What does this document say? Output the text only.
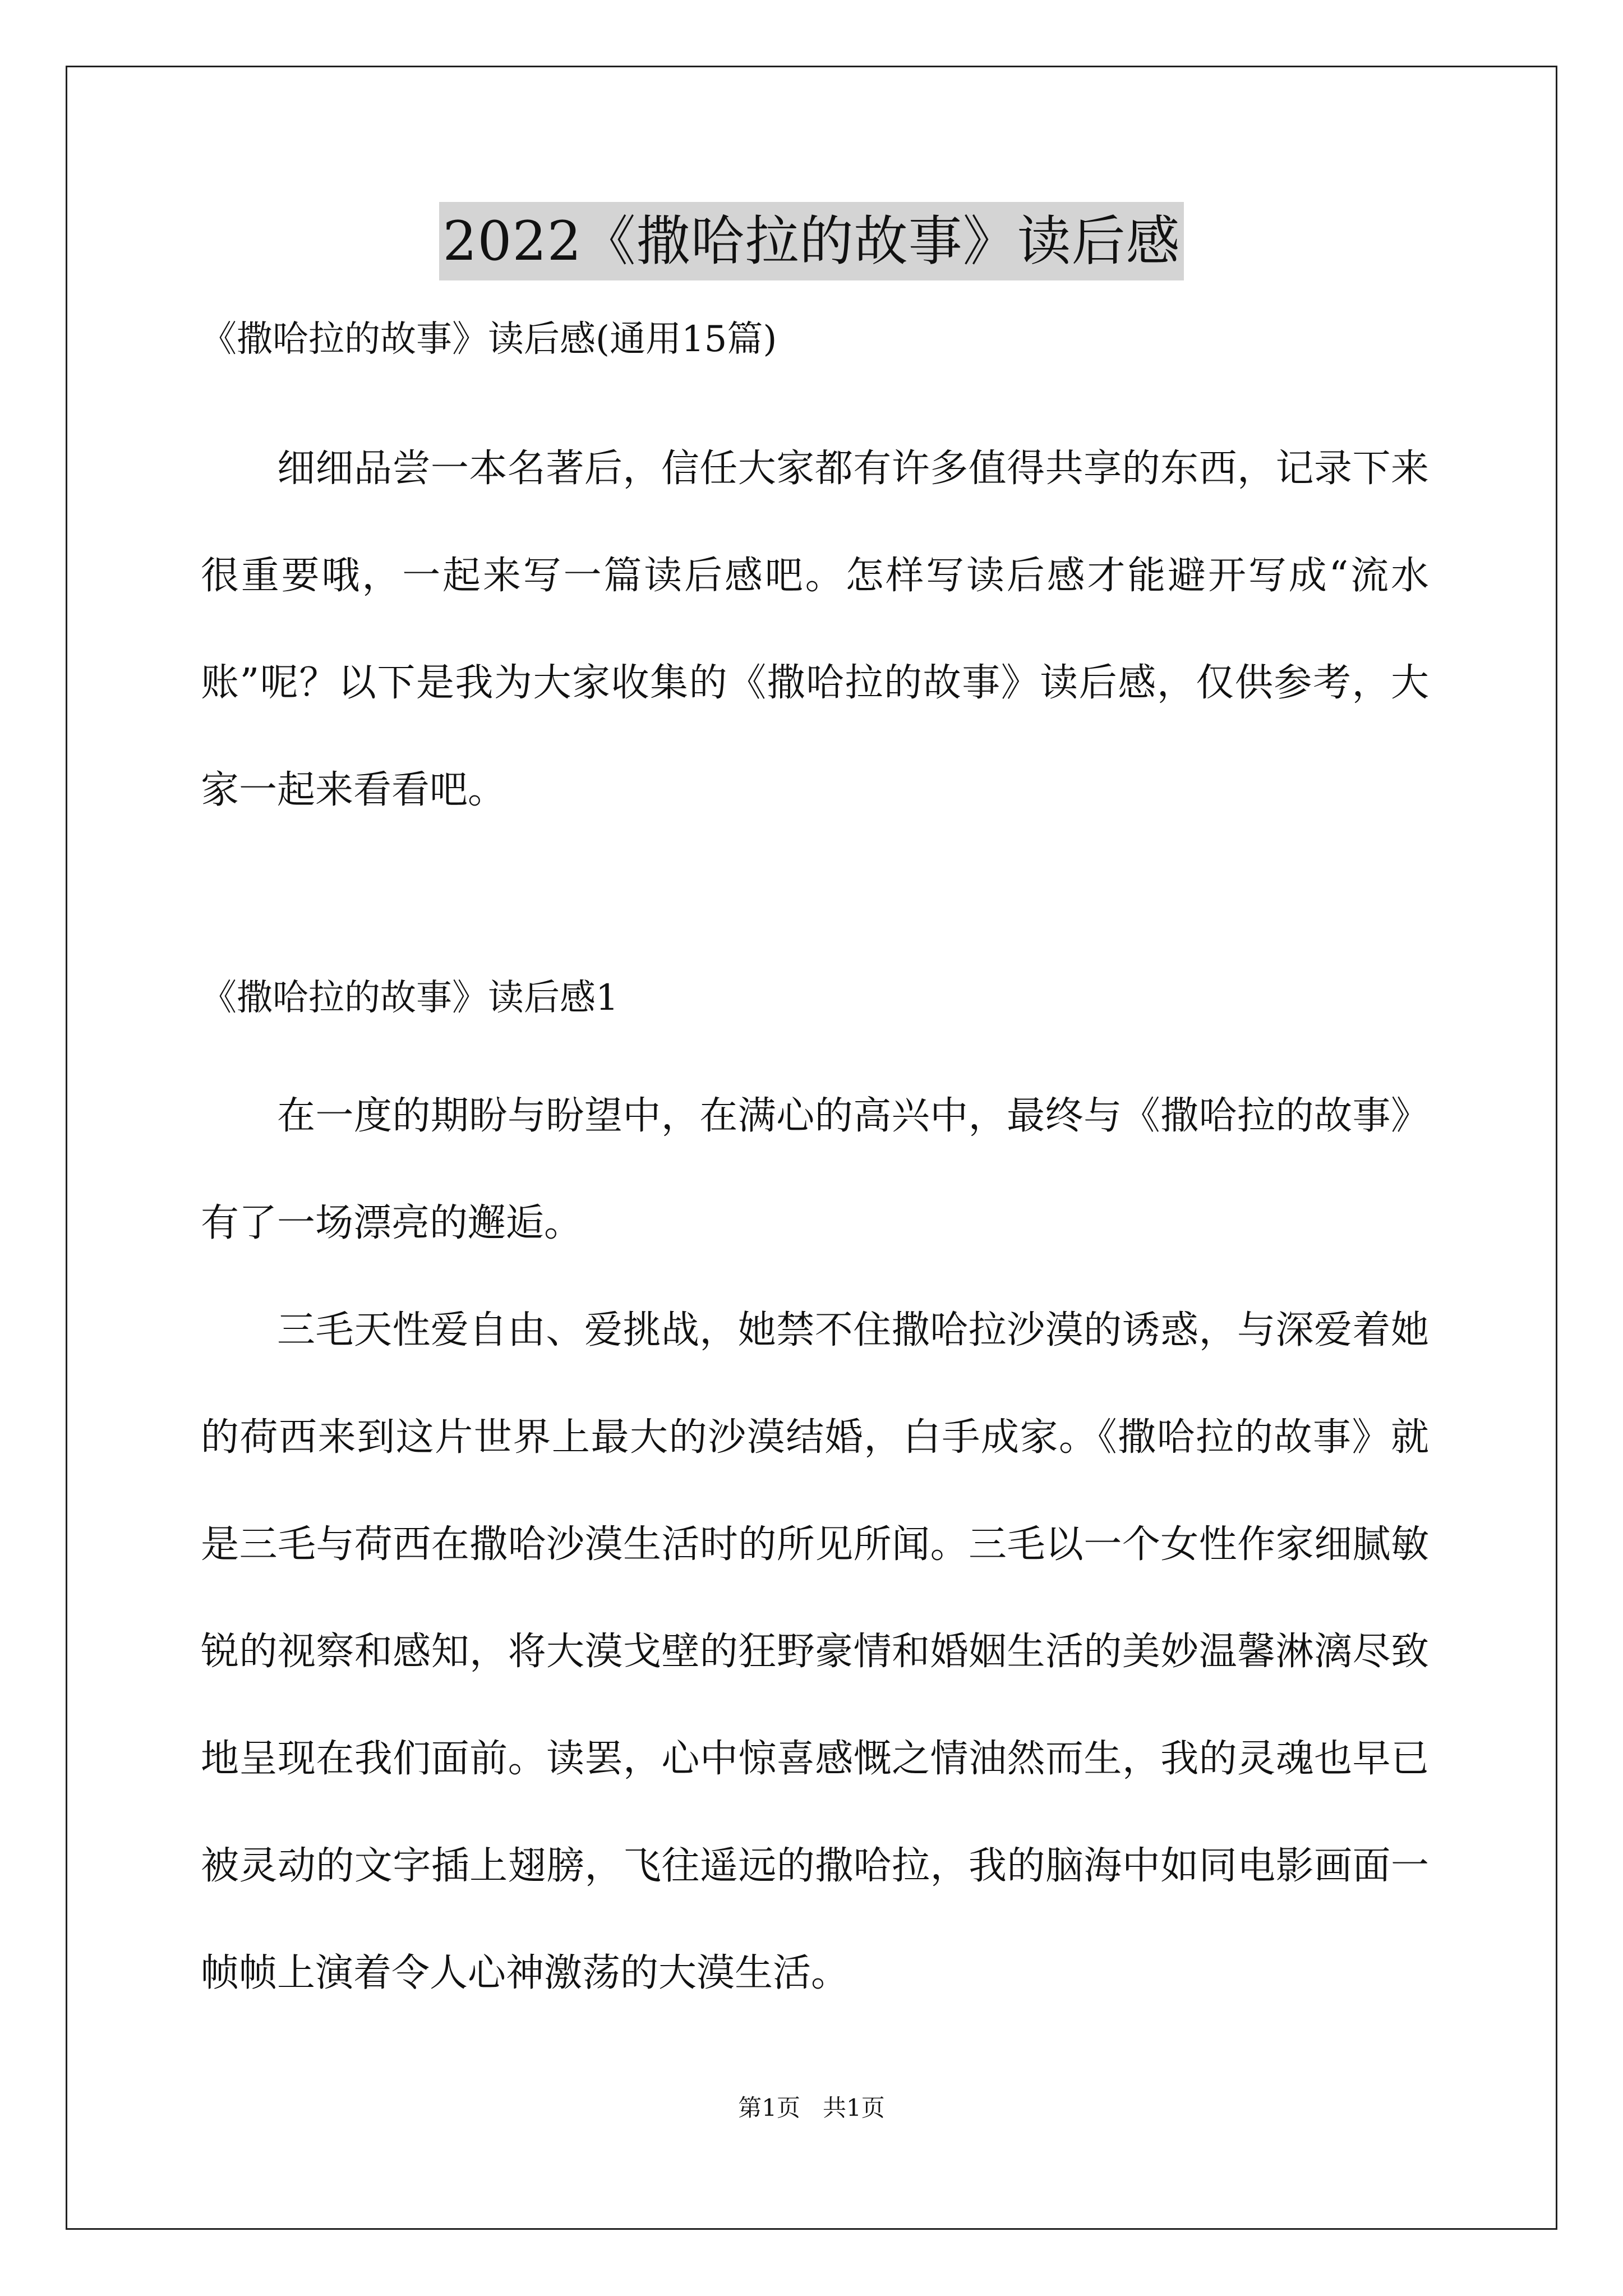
2022《撒哈拉的故事》读后感
《撒哈拉的故事》读后感(通用15篇)

细细品尝一本名著后，信任大家都有许多值得共享的东西，记录下来很重要哦，一起来写一篇读后感吧。怎样写读后感才能避开写成“流水账”呢？以下是我为大家收集的《撒哈拉的故事》读后感，仅供参考，大家一起来看看吧。

《撒哈拉的故事》读后感1

在一度的期盼与盼望中，在满心的高兴中，最终与《撒哈拉的故事》有了一场漂亮的邂逅。

三毛天性爱自由、爱挑战，她禁不住撒哈拉沙漠的诱惑，与深爱着她的荷西来到这片世界上最大的沙漠结婚，白手成家。《撒哈拉的故事》就是三毛与荷西在撒哈沙漠生活时的所见所闻。三毛以一个女性作家细腻敏锐的视察和感知，将大漠戈壁的狂野豪情和婚姻生活的美妙温馨淋漓尽致地呈现在我们面前。读罢，心中惊喜感慨之情油然而生，我的灵魂也早已被灵动的文字插上翅膀，飞往遥远的撒哈拉，我的脑海中如同电影画面一帧帧上演着令人心神激荡的大漠生活。

第1页 共1页
